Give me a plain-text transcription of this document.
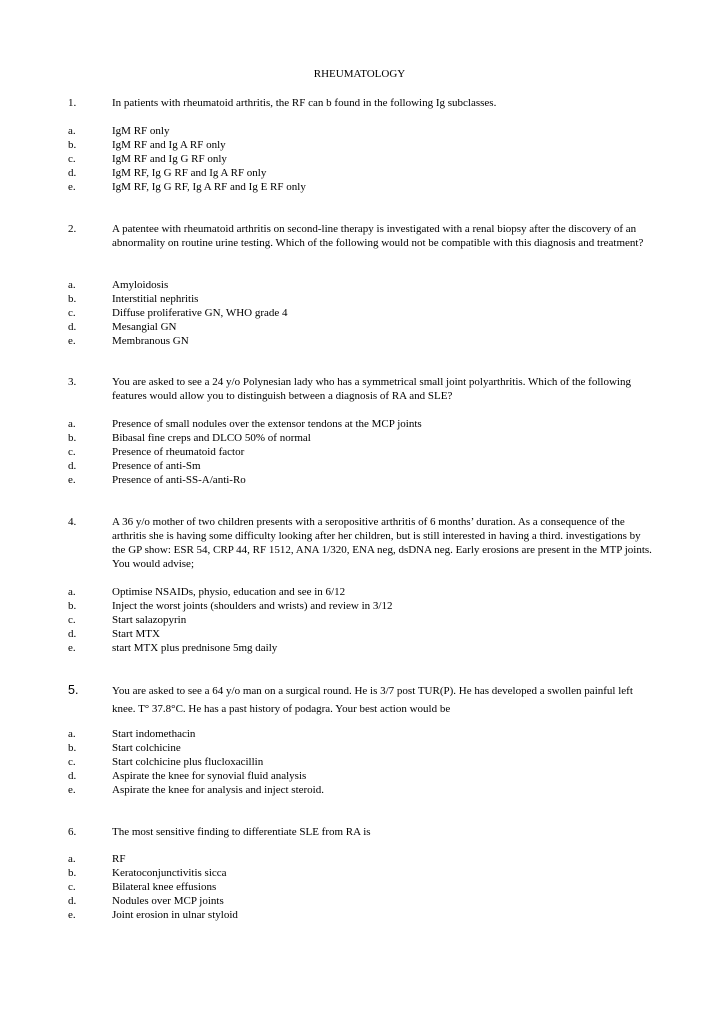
RHEUMATOLOGY
1.	In patients with rheumatoid arthritis, the RF can b found in the following Ig subclasses.
a.	IgM RF only
b.	IgM RF and Ig A RF only
c.	IgM RF and Ig G RF only
d.	IgM RF, Ig G RF and Ig A RF only
e.	IgM RF, Ig G RF, Ig A RF and Ig E RF only
2.	A patentee with rheumatoid arthritis on second-line therapy is investigated with a renal biopsy after the discovery of an abnormality on routine urine testing. Which of the following would not be compatible with this diagnosis and treatment?
a.	Amyloidosis
b.	Interstitial nephritis
c.	Diffuse proliferative GN, WHO grade 4
d.	Mesangial GN
e.	Membranous GN
3.	You are asked to see a 24 y/o Polynesian lady who has a symmetrical small joint polyarthritis. Which of the following features would allow you to distinguish between a diagnosis of RA and SLE?
a.	Presence of small nodules over the extensor tendons at the MCP joints
b.	Bibasal fine creps and DLCO 50% of normal
c.	Presence of rheumatoid factor
d.	Presence of anti-Sm
e.	Presence of anti-SS-A/anti-Ro
4.	A 36 y/o mother of two children presents with a seropositive arthritis of 6 months’ duration. As a consequence of the arthritis she is having some difficulty looking after her children, but is still interested in having a third. investigations by the GP show: ESR 54, CRP 44, RF 1512, ANA 1/320, ENA neg, dsDNA neg. Early erosions are present in the MTP joints. You would advise;
a.	Optimise NSAIDs, physio, education and see in 6/12
b.	Inject the worst joints (shoulders and wrists) and review in 3/12
c.	Start salazopyrin
d.	Start MTX
e.	start MTX plus prednisone 5mg daily
5.	You are asked to see a 64 y/o man on a surgical round. He is 3/7 post TUR(P). He has developed a swollen painful left knee. T° 37.8°C. He has a past history of podagra. Your best action would be
a.	Start indomethacin
b.	Start colchicine
c.	Start colchicine plus flucloxacillin
d.	Aspirate the knee for synovial fluid analysis
e.	Aspirate the knee for analysis and inject steroid.
6.	The most sensitive finding to differentiate SLE from RA is
a.	RF
b.	Keratoconjunctivitis sicca
c.	Bilateral knee effusions
d.	Nodules over MCP joints
e.	Joint erosion in ulnar styloid
